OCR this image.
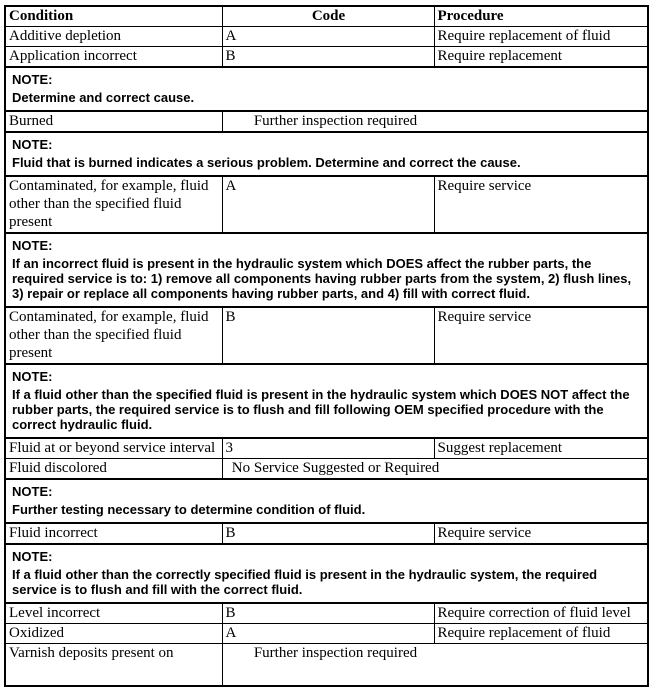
Condition	Code	Procedure
Additive depletion	A	Require replacement of fluid
Application incorrect	B	Require replacement

NOTE:
Determine and correct cause.		

Burned	Further inspection required	

NOTE:
Fluid that is burned indicates a serious problem. Determine and correct the cause.		

Contaminated, for example, fluid other than the specified fluid present	A	Require service

NOTE:
If an incorrect fluid is present in the hydraulic system which DOES affect the rubber parts, the required service is to: 1) remove all components having rubber parts from the system, 2) flush lines, 3) repair or replace all components having rubber parts, and 4) fill with correct fluid.		

Contaminated, for example, fluid other than the specified fluid present	B	Require service

NOTE:
If a fluid other than the specified fluid is present in the hydraulic system which DOES NOT affect the rubber parts, the required service is to flush and fill following OEM specified procedure with the correct hydraulic fluid.		

Fluid at or beyond service interval	3	Suggest replacement
Fluid discolored	No Service Suggested or Required	

NOTE:
Further testing necessary to determine condition of fluid.		

Fluid incorrect	B	Require service

NOTE:
If a fluid other than the correctly specified fluid is present in the hydraulic system, the required service is to flush and fill with the correct fluid.		

Level incorrect	B	Require correction of fluid level
Oxidized	A	Require replacement of fluid
Varnish deposits present on	Further inspection required	
